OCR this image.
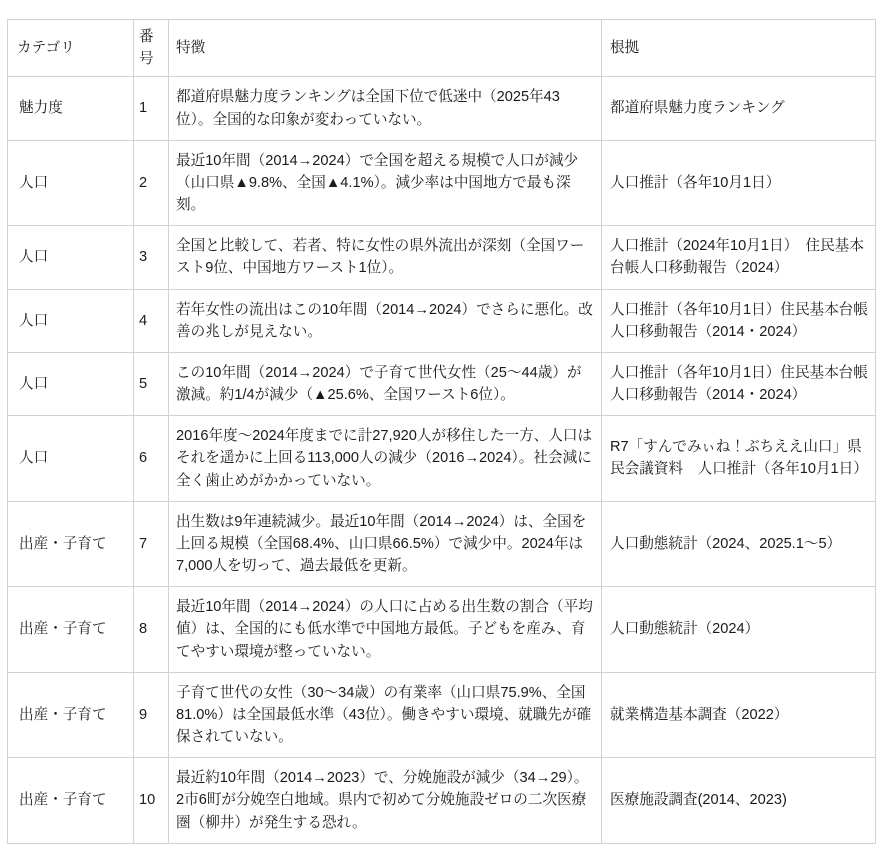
カテゴリ	番号	特徴	根拠
魅力度	1	都道府県魅力度ランキングは全国下位で低迷中（2025年43位）。全国的な印象が変わっていない。	都道府県魅力度ランキング
人口	2	最近10年間（2014→2024）で全国を超える規模で人口が減少（山口県▲9.8%、全国▲4.1%）。減少率は中国地方で最も深刻。	人口推計（各年10月1日）
人口	3	全国と比較して、若者、特に女性の県外流出が深刻（全国ワースト9位、中国地方ワースト1位）。	人口推計（2024年10月1日）　住民基本台帳人口移動報告（2024）
人口	4	若年女性の流出はこの10年間（2014→2024）でさらに悪化。改善の兆しが見えない。	人口推計（各年10月1日）住民基本台帳人口移動報告（2014・2024）
人口	5	この10年間（2014→2024）で子育て世代女性（25〜44歳）が激減。約1/4が減少（▲25.6%、全国ワースト6位）。	人口推計（各年10月1日）住民基本台帳人口移動報告（2014・2024）
人口	6	2016年度〜2024年度までに計27,920人が移住した一方、人口はそれを遥かに上回る113,000人の減少（2016→2024）。社会減に全く歯止めがかかっていない。	R7「すんでみぃね！ぶちええ山口」県民会議資料　人口推計（各年10月1日）
出産・子育て	7	出生数は9年連続減少。最近10年間（2014→2024）は、全国を上回る規模（全国68.4%、山口県66.5%）で減少中。2024年は7,000人を切って、過去最低を更新。	人口動態統計（2024、2025.1〜5）
出産・子育て	8	最近10年間（2014→2024）の人口に占める出生数の割合（平均値）は、全国的にも低水準で中国地方最低。子どもを産み、育てやすい環境が整っていない。	人口動態統計（2024）
出産・子育て	9	子育て世代の女性（30〜34歳）の有業率（山口県75.9%、全国81.0%）は全国最低水準（43位）。働きやすい環境、就職先が確保されていない。	就業構造基本調査（2022）
出産・子育て	10	最近約10年間（2014→2023）で、分娩施設が減少（34→29）。2市6町が分娩空白地域。県内で初めて分娩施設ゼロの二次医療圏（柳井）が発生する恐れ。	医療施設調査(2014、2023)
